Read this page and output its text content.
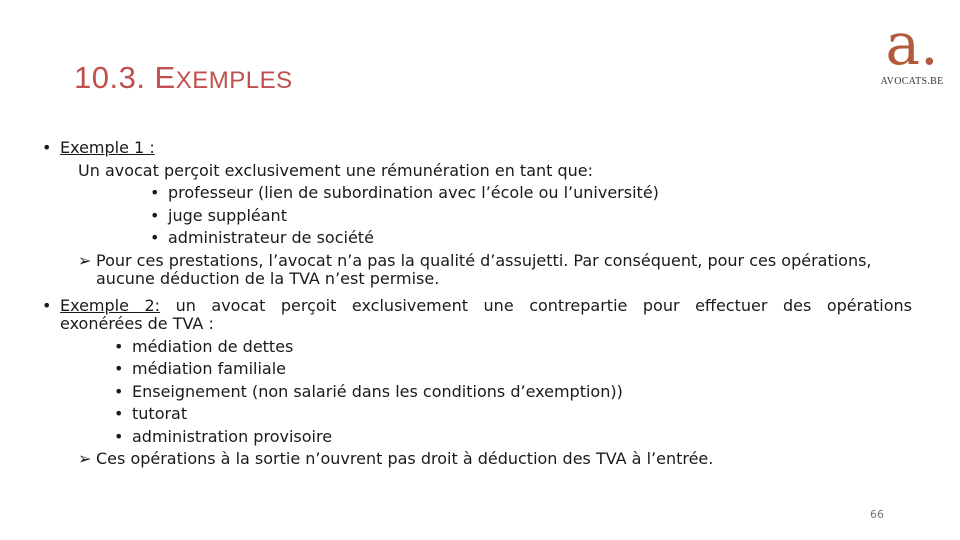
10.3. EXEMPLES
a.
AVOCATS.BE
• Exemple 1 :
Un avocat perçoit exclusivement une rémunération en tant que:
• professeur (lien de subordination avec l’école ou l’université)
• juge suppléant
• administrateur de société
➢ Pour ces prestations, l’avocat n’a pas la qualité d’assujetti. Par conséquent, pour ces opérations,
aucune déduction de la TVA n’est permise.
• Exemple 2: un avocat perçoit exclusivement une contrepartie pour effectuer des opérations
exonérées de TVA :
• médiation de dettes
• médiation familiale
• Enseignement (non salarié dans les conditions d’exemption))
• tutorat
• administration provisoire
➢ Ces opérations à la sortie n’ouvrent pas droit à déduction des TVA à l’entrée.
66
